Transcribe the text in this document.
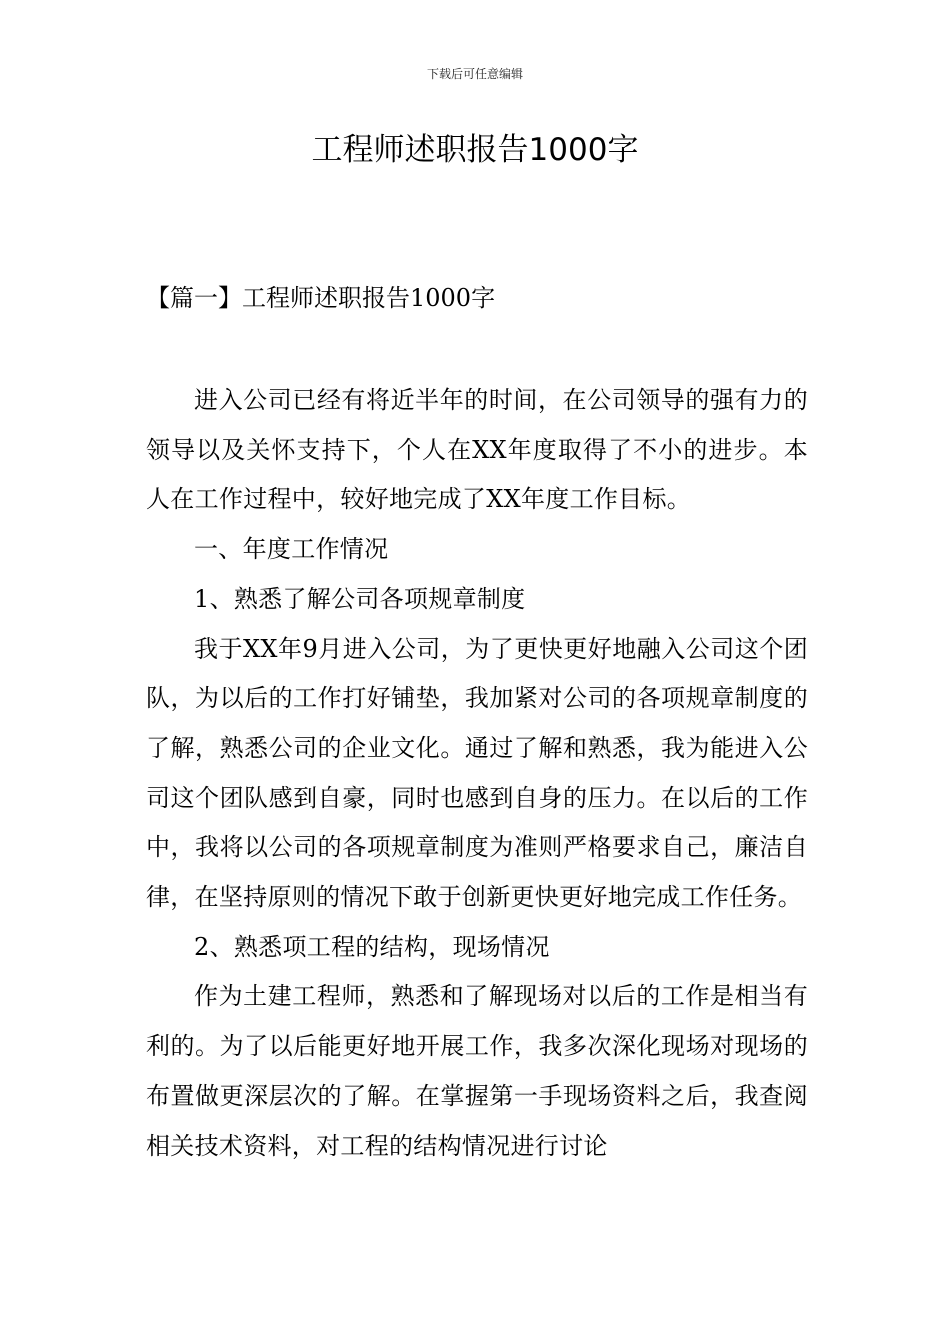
下载后可任意编辑
工程师述职报告1000字
【篇一】工程师述职报告1000字

进入公司已经有将近半年的时间，在公司领导的强有力的领导以及关怀支持下，个人在XX年度取得了不小的进步。本人在工作过程中，较好地完成了XX年度工作目标。

一、年度工作情况

1、熟悉了解公司各项规章制度

我于XX年9月进入公司，为了更快更好地融入公司这个团队，为以后的工作打好铺垫，我加紧对公司的各项规章制度的了解，熟悉公司的企业文化。通过了解和熟悉，我为能进入公司这个团队感到自豪，同时也感到自身的压力。在以后的工作中，我将以公司的各项规章制度为准则严格要求自己，廉洁自律，在坚持原则的情况下敢于创新更快更好地完成工作任务。

2、熟悉项工程的结构，现场情况

作为土建工程师，熟悉和了解现场对以后的工作是相当有利的。为了以后能更好地开展工作，我多次深化现场对现场的布置做更深层次的了解。在掌握第一手现场资料之后，我查阅相关技术资料，对工程的结构情况进行讨论
